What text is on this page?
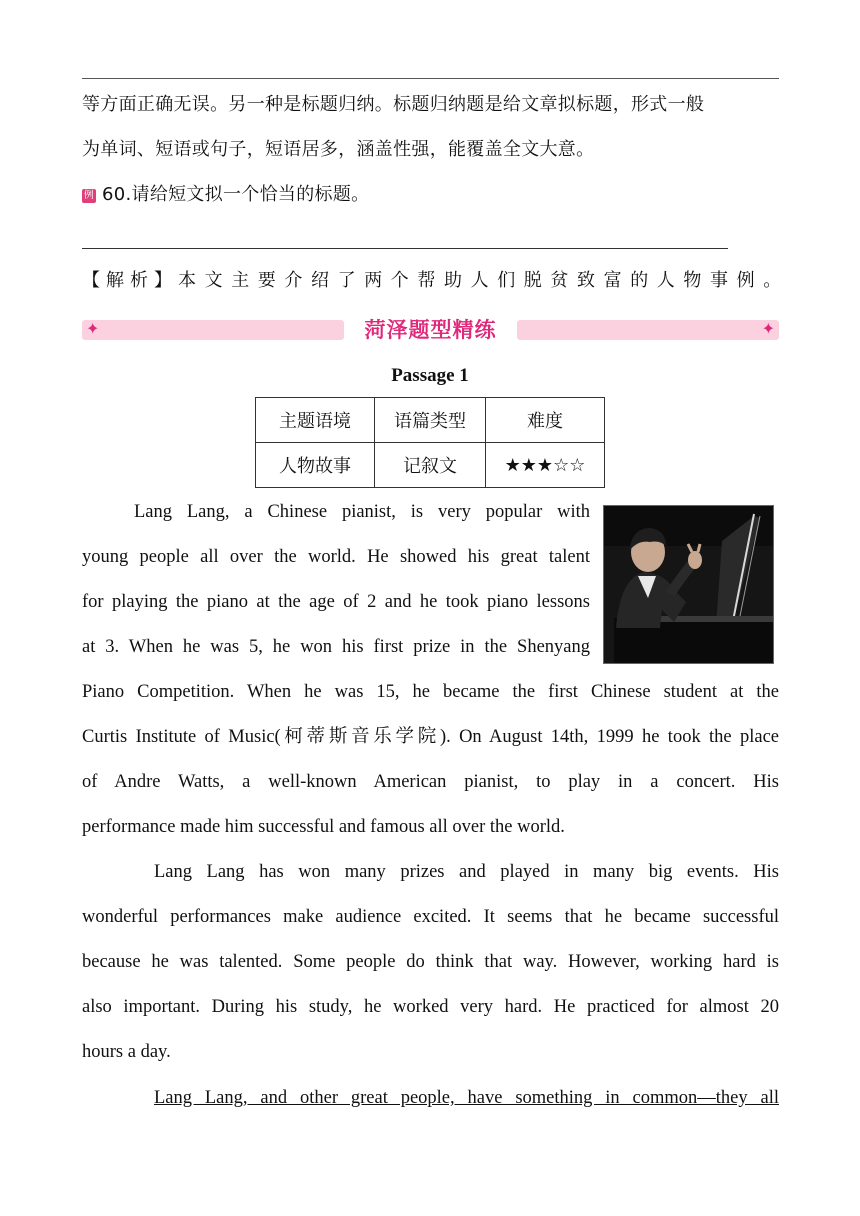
等方面正确无误。另一种是标题归纳。标题归纳题是给文章拟标题，形式一般
为单词、短语或句子，短语居多，涵盖性强，能覆盖全文大意。
例 60.请给短文拟一个恰当的标题。
【解析】 本文主要介绍了两个帮助人们脱贫致富的人物事例。
✦	✦
菏泽题型精练
Passage 1
主题语境	语篇类型	难度
人物故事	记叙文	★★★☆☆
Lang Lang, a Chinese pianist, is very popular with
young people all over the world. He showed his great talent
for playing the piano at the age of 2 and he took piano lessons
at 3. When he was 5, he won his first prize in the Shenyang
Piano Competition. When he was 15, he became the first Chinese student at the
Curtis Institute of Music(柯蒂斯音乐学院). On August 14th, 1999 he took the place
of Andre Watts, a well-known American pianist, to play in a concert. His
performance made him successful and famous all over the world.
Lang Lang has won many prizes and played in many big events. His
wonderful performances make audience excited. It seems that he became successful
because he was talented. Some people do think that way. However, working hard is
also important. During his study, he worked very hard. He practiced for almost 20
hours a day.
Lang Lang, and other great people, have something in common—they all
